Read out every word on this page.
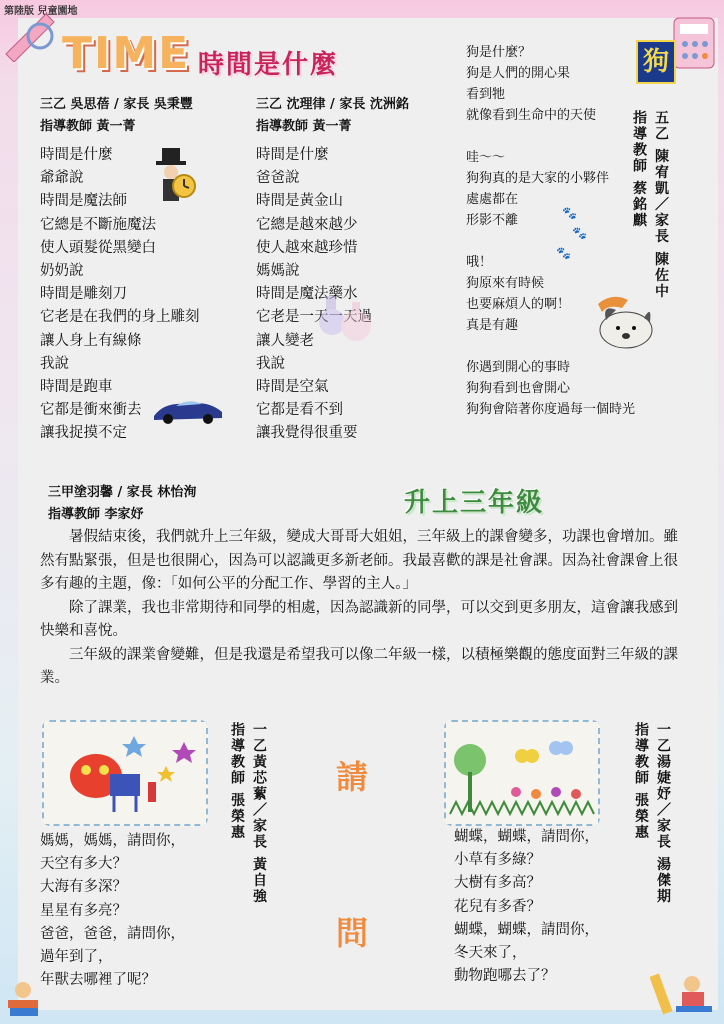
第陸版 兒童園地
TIME 時間是什麼
三乙 吳思蓓 / 家長 吳秉豐
指導教師 黃一菁
時間是什麼
爺爺說
時間是魔法師
它總是不斷施魔法
使人頭髮從黑變白
奶奶說
時間是雕刻刀
它老是在我們的身上雕刻
讓人身上有線條
我說
時間是跑車
它都是衝來衝去
讓我捉摸不定
三乙 沈理律 / 家長 沈洲銘
指導教師 黃一菁
時間是什麼
爸爸說
時間是黃金山
它總是越來越少
使人越來越珍惜
媽媽說
時間是魔法藥水
它老是一天一天過
讓人變老
我說
時間是空氣
它都是看不到
讓我覺得很重要
狗
狗是什麼？
狗是人們的開心果
看到牠
就像看到生命中的天使
哇～～
狗狗真的是大家的小夥伴
處處都在
形影不離
哦！
狗原來有時候
也要麻煩人的啊！
真是有趣
你遇到開心的事時
狗狗看到也會開心
狗狗會陪著你度過每一個時光
五乙 陳宥凱／家長 陳佐中
指導教師 蔡銘麒
🐾
🐾
🐾
升上三年級
三甲塗羽馨 / 家長 林怡洵
指導教師 李家妤

暑假結束後，我們就升上三年級，變成大哥哥大姐姐，三年級上的課會變多，功課也會增加。雖然有點緊張，但是也很開心，因為可以認識更多新老師。我最喜歡的課是社會課。因為社會課會上很多有趣的主題，像：「如何公平的分配工作、學習的主人。」

除了課業，我也非常期待和同學的相處，因為認識新的同學，可以交到更多朋友，這會讓我感到快樂和喜悅。

三年級的課業會變難，但是我還是希望我可以像二年級一樣，以積極樂觀的態度面對三年級的課業。

一乙黃芯蕠／家長 黃自強
指導教師 張榮惠
媽媽，媽媽，請問你，
天空有多大？
大海有多深？
星星有多亮？
爸爸，爸爸，請問你，
過年到了，
年獸去哪裡了呢？
請
問
一乙湯婕妤／家長 湯傑期
指導教師 張榮惠
蝴蝶，蝴蝶，請問你，
小草有多綠？
大樹有多高？
花兒有多香？
蝴蝶，蝴蝶，請問你，
冬天來了，
動物跑哪去了？
